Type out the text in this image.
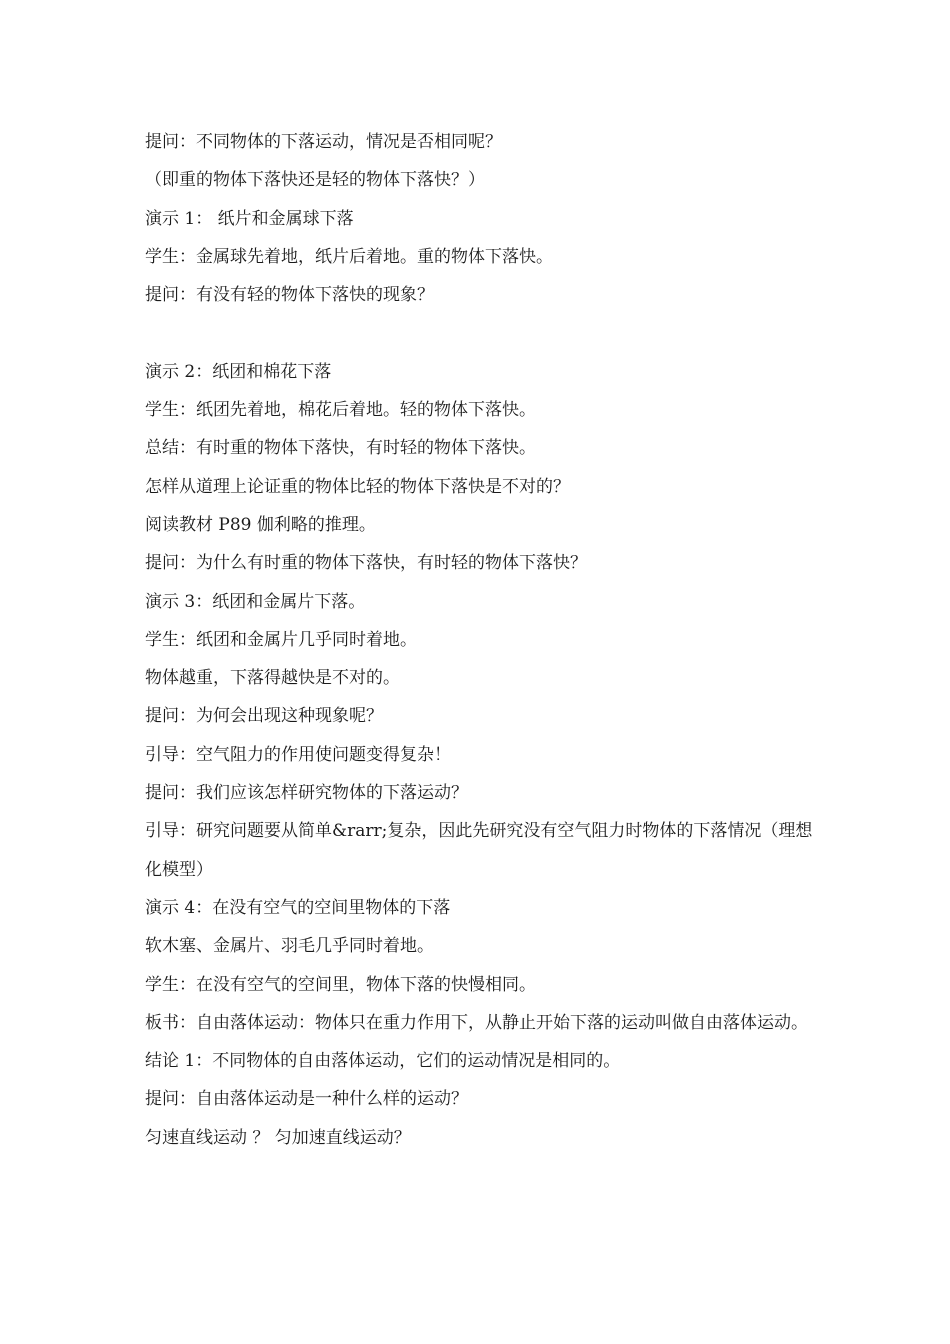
提问：不同物体的下落运动，情况是否相同呢？
（即重的物体下落快还是轻的物体下落快？）
演示 1： 纸片和金属球下落
学生：金属球先着地，纸片后着地。重的物体下落快。
提问：有没有轻的物体下落快的现象？
演示 2：纸团和棉花下落
学生：纸团先着地，棉花后着地。轻的物体下落快。
总结：有时重的物体下落快，有时轻的物体下落快。
怎样从道理上论证重的物体比轻的物体下落快是不对的？
阅读教材 P89 伽利略的推理。
提问：为什么有时重的物体下落快，有时轻的物体下落快？
演示 3：纸团和金属片下落。
学生：纸团和金属片几乎同时着地。
物体越重，下落得越快是不对的。
提问：为何会出现这种现象呢？
引导：空气阻力的作用使问题变得复杂！
提问：我们应该怎样研究物体的下落运动？
引导：研究问题要从简单&rarr;复杂，因此先研究没有空气阻力时物体的下落情况（理想化模型）
演示 4：在没有空气的空间里物体的下落
软木塞、金属片、羽毛几乎同时着地。
学生：在没有空气的空间里，物体下落的快慢相同。
板书：自由落体运动：物体只在重力作用下，从静止开始下落的运动叫做自由落体运动。
结论 1：不同物体的自由落体运动，它们的运动情况是相同的。
提问：自由落体运动是一种什么样的运动？
匀速直线运动 ？ 匀加速直线运动？
